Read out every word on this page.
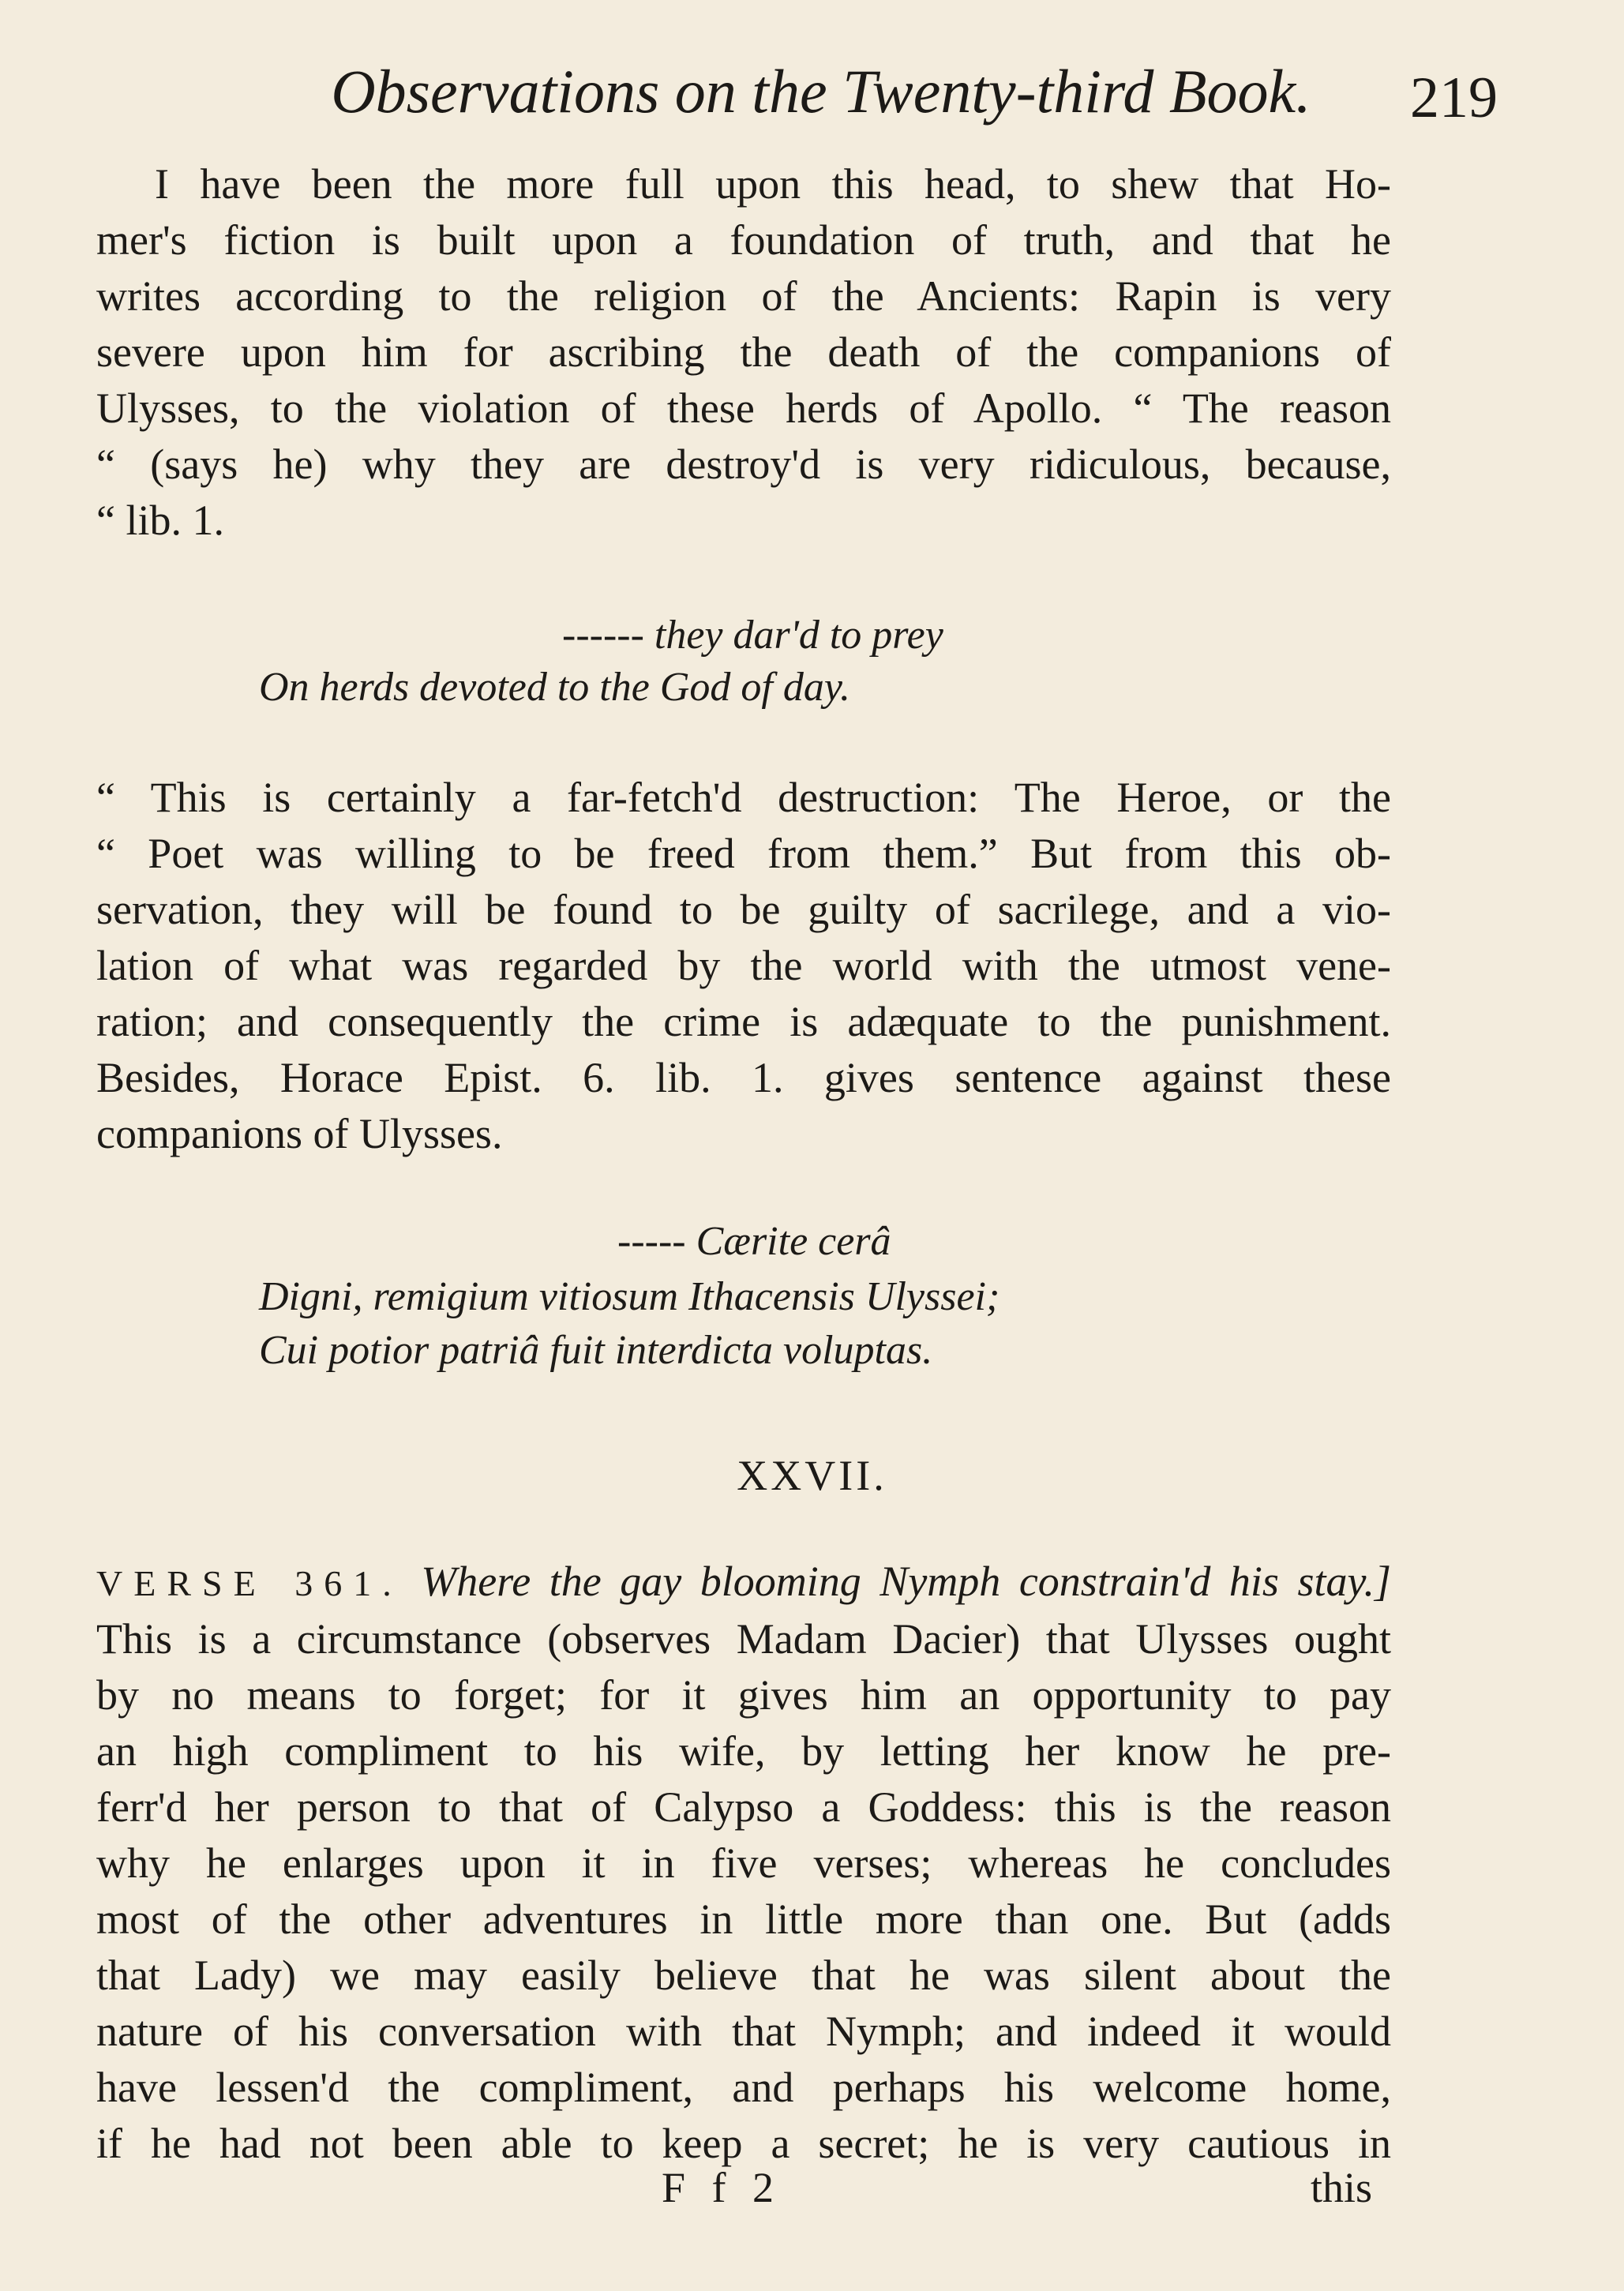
Observations on the Twenty-third Book.	219
I have been the more full upon this head, to shew that Ho-
mer's fiction is built upon a foundation of truth, and that he
writes according to the religion of the Ancients: Rapin is very
severe upon him for ascribing the death of the companions of
Ulysses, to the violation of these herds of Apollo. “ The reason
“ (says he) why they are destroy'd is very ridiculous, because,
“ lib. 1.
------ they dar'd to prey
On herds devoted to the God of day.
“ This is certainly a far-fetch'd destruction: The Heroe, or the
“ Poet was willing to be freed from them.” But from this ob-
servation, they will be found to be guilty of sacrilege, and a vio-
lation of what was regarded by the world with the utmost vene-
ration; and consequently the crime is adæquate to the punishment.
Besides, Horace Epist. 6. lib. 1. gives sentence against these
companions of Ulysses.
----- Cærite cerâ
Digni, remigium vitiosum Ithacensis Ulyssei;
Cui potior patriâ fuit interdicta voluptas.
XXVII.
VERSE 361. Where the gay blooming Nymph constrain'd his stay.]
This is a circumstance (observes Madam Dacier) that Ulysses ought
by no means to forget; for it gives him an opportunity to pay
an high compliment to his wife, by letting her know he pre-
ferr'd her person to that of Calypso a Goddess: this is the reason
why he enlarges upon it in five verses; whereas he concludes
most of the other adventures in little more than one. But (adds
that Lady) we may easily believe that he was silent about the
nature of his conversation with that Nymph; and indeed it would
have lessen'd the compliment, and perhaps his welcome home,
if he had not been able to keep a secret; he is very cautious in
F f 2	this
